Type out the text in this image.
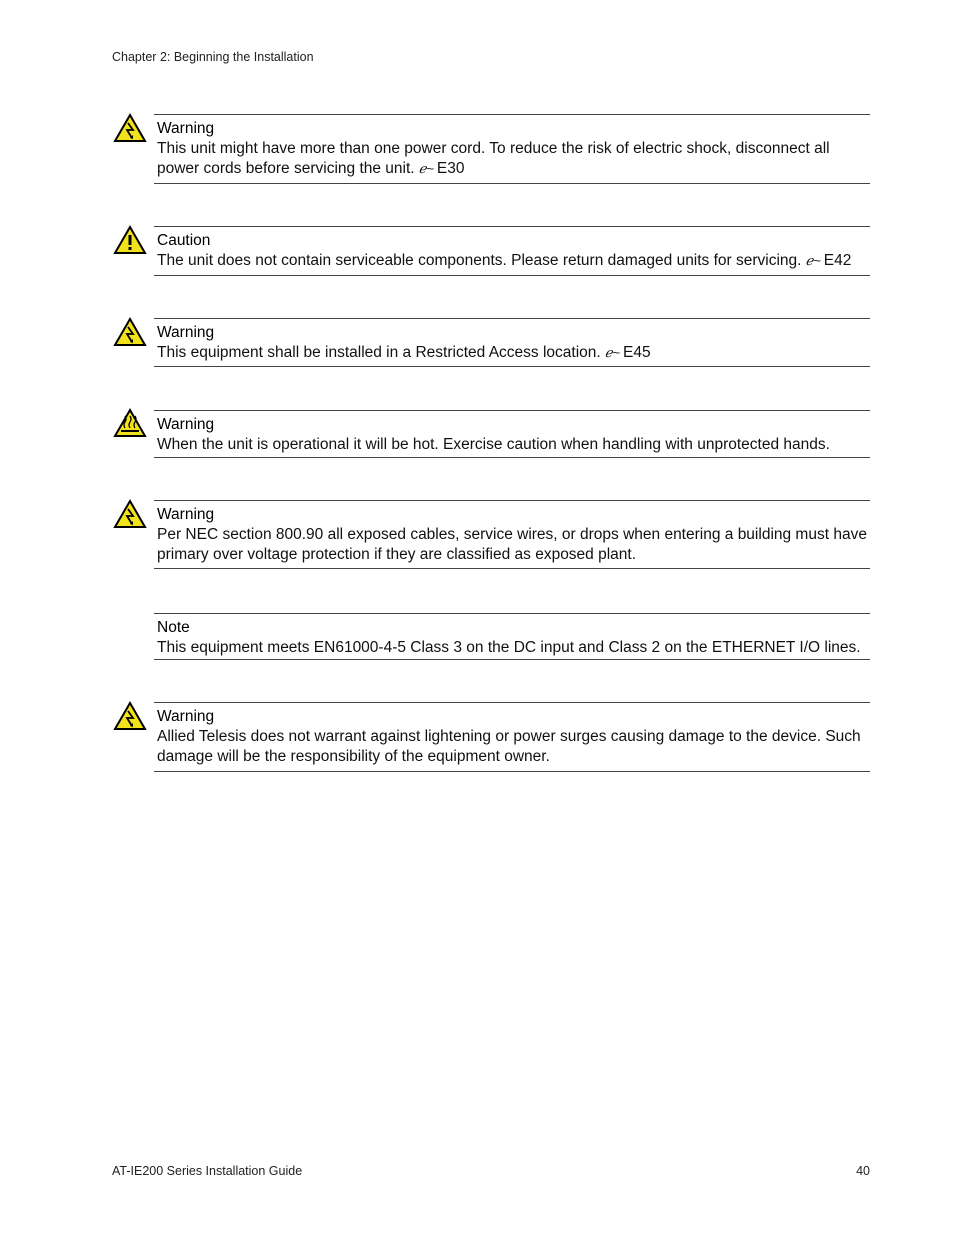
Chapter 2: Beginning the Installation
Warning
This unit might have more than one power cord. To reduce the risk of electric shock, disconnect all power cords before servicing the unit. ℯ~ E30
Caution
The unit does not contain serviceable components. Please return damaged units for servicing. ℯ~ E42
Warning
This equipment shall be installed in a Restricted Access location. ℯ~ E45
Warning
When the unit is operational it will be hot. Exercise caution when handling with unprotected hands.
Warning
Per NEC section 800.90 all exposed cables, service wires, or drops when entering a building must have primary over voltage protection if they are classified as exposed plant.
Note
This equipment meets EN61000-4-5 Class 3 on the DC input and Class 2 on the ETHERNET I/O lines.
Warning
Allied Telesis does not warrant against lightening or power surges causing damage to the device. Such damage will be the responsibility of the equipment owner.
AT-IE200 Series Installation Guide	40
